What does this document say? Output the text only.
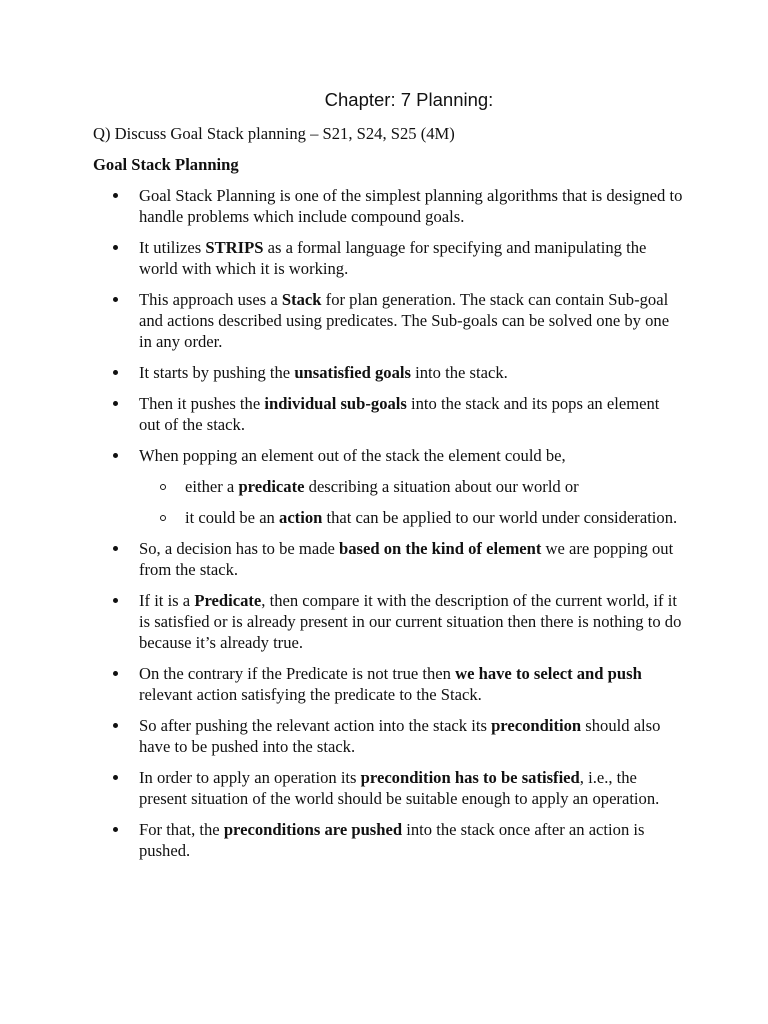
Chapter: 7 Planning:
Q) Discuss Goal Stack planning – S21, S24, S25 (4M)
Goal Stack Planning
Goal Stack Planning is one of the simplest planning algorithms that is designed to handle problems which include compound goals.
It utilizes STRIPS as a formal language for specifying and manipulating the world with which it is working.
This approach uses a Stack for plan generation. The stack can contain Sub-goal and actions described using predicates. The Sub-goals can be solved one by one in any order.
It starts by pushing the unsatisfied goals into the stack.
Then it pushes the individual sub-goals into the stack and its pops an element out of the stack.
When popping an element out of the stack the element could be,
either a predicate describing a situation about our world or
it could be an action that can be applied to our world under consideration.
So, a decision has to be made based on the kind of element we are popping out from the stack.
If it is a Predicate, then compare it with the description of the current world, if it is satisfied or is already present in our current situation then there is nothing to do because it’s already true.
On the contrary if the Predicate is not true then we have to select and push relevant action satisfying the predicate to the Stack.
So after pushing the relevant action into the stack its precondition should also have to be pushed into the stack.
In order to apply an operation its precondition has to be satisfied, i.e., the present situation of the world should be suitable enough to apply an operation.
For that, the preconditions are pushed into the stack once after an action is pushed.
